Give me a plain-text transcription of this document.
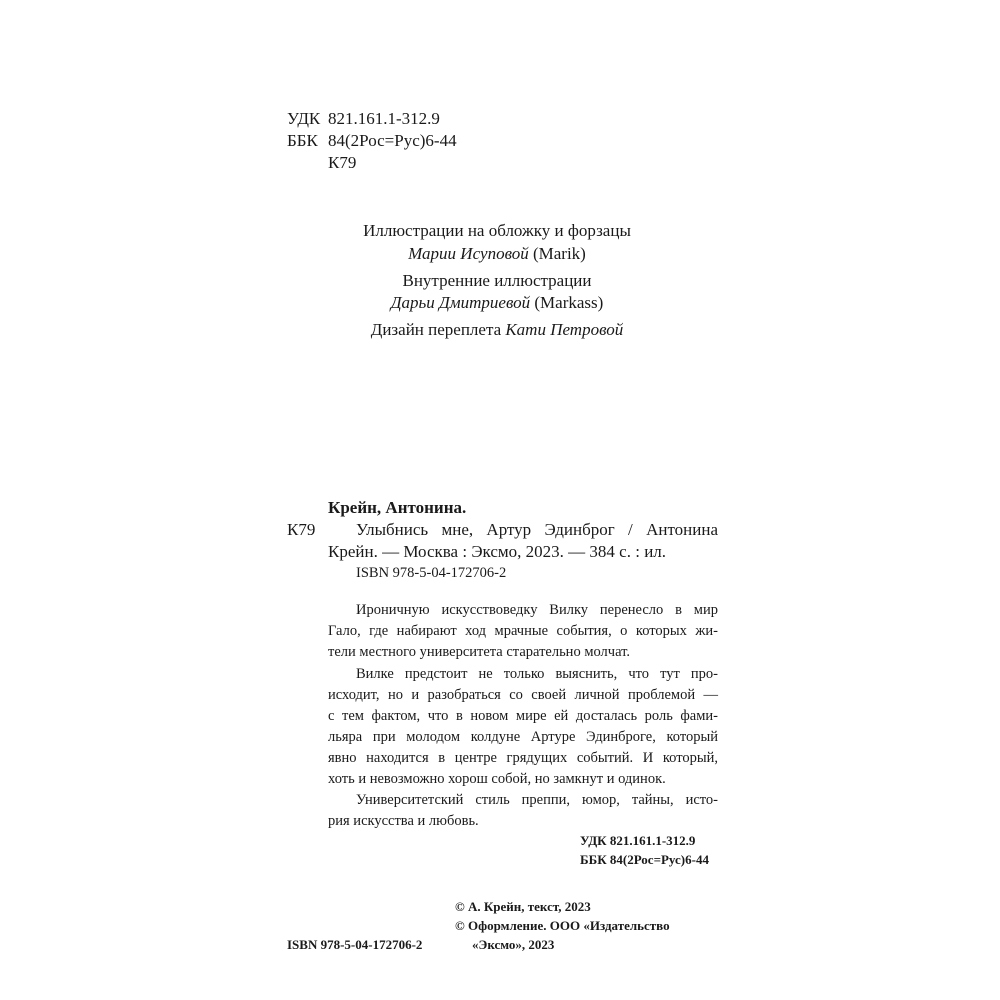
УДК 821.161.1-312.9
ББК 84(2Рос=Рус)6-44
К79
Иллюстрации на обложку и форзацы
Марии Исуповой (Marik)
Внутренние иллюстрации
Дарьи Дмитриевой (Markass)
Дизайн переплета Кати Петровой
Крейн, Антонина.
К79 Улыбнись мне, Артур Эдинброг / Антонина
Крейн. — Москва : Эксмо, 2023. — 384 с. : ил.
ISBN 978-5-04-172706-2
Ироничную искусствоведку Вилку перенесло в мир
Гало, где набирают ход мрачные события, о которых жи-
тели местного университета старательно молчат.
Вилке предстоит не только выяснить, что тут про-
исходит, но и разобраться со своей личной проблемой —
с тем фактом, что в новом мире ей досталась роль фами-
льяра при молодом колдуне Артуре Эдинброге, который
явно находится в центре грядущих событий. И который,
хоть и невозможно хорош собой, но замкнут и одинок.
Университетский стиль преппи, юмор, тайны, исто-
рия искусства и любовь.
УДК 821.161.1-312.9
ББК 84(2Рос=Рус)6-44
© А. Крейн, текст, 2023
© Оформление. ООО «Издательство
«Эксмо», 2023
ISBN 978-5-04-172706-2
